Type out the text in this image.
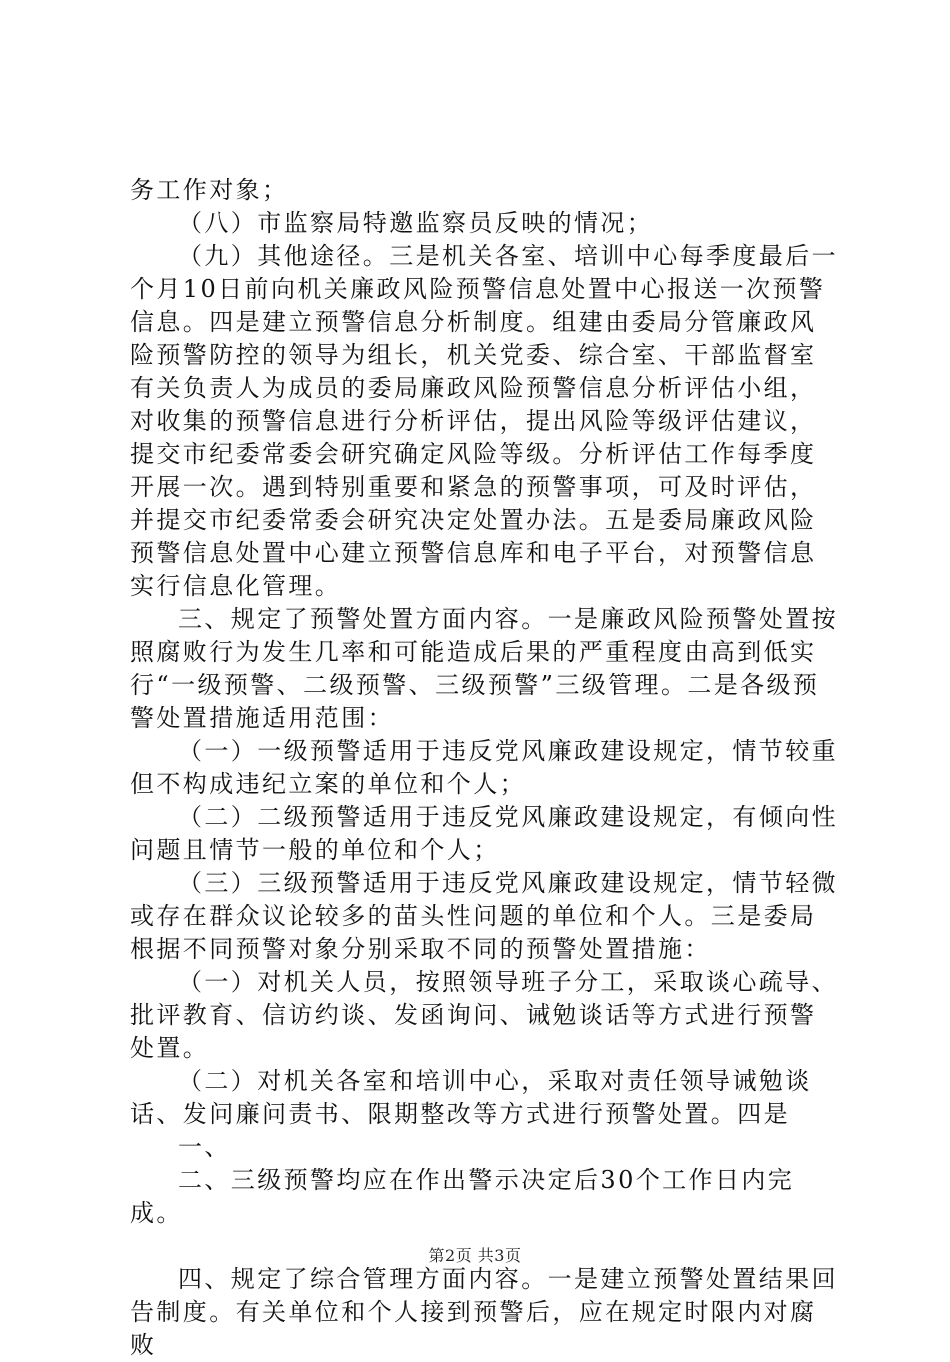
务工作对象；

（八）市监察局特邀监察员反映的情况；

（九）其他途径。三是机关各室、培训中心每季度最后一个月10日前向机关廉政风险预警信息处置中心报送一次预警信息。四是建立预警信息分析制度。组建由委局分管廉政风险预警防控的领导为组长，机关党委、综合室、干部监督室有关负责人为成员的委局廉政风险预警信息分析评估小组，对收集的预警信息进行分析评估，提出风险等级评估建议，提交市纪委常委会研究确定风险等级。分析评估工作每季度开展一次。遇到特别重要和紧急的预警事项，可及时评估，并提交市纪委常委会研究决定处置办法。五是委局廉政风险预警信息处置中心建立预警信息库和电子平台，对预警信息实行信息化管理。

三、规定了预警处置方面内容。一是廉政风险预警处置按照腐败行为发生几率和可能造成后果的严重程度由高到低实行“一级预警、二级预警、三级预警”三级管理。二是各级预警处置措施适用范围：

（一）一级预警适用于违反党风廉政建设规定，情节较重但不构成违纪立案的单位和个人；

（二）二级预警适用于违反党风廉政建设规定，有倾向性问题且情节一般的单位和个人；

（三）三级预警适用于违反党风廉政建设规定，情节轻微或存在群众议论较多的苗头性问题的单位和个人。三是委局根据不同预警对象分别采取不同的预警处置措施：

（一）对机关人员，按照领导班子分工，采取谈心疏导、批评教育、信访约谈、发函询问、诫勉谈话等方式进行预警处置。

（二）对机关各室和培训中心，采取对责任领导诫勉谈话、发问廉问责书、限期整改等方式进行预警处置。四是

一、

二、三级预警均应在作出警示决定后30个工作日内完成。

四、规定了综合管理方面内容。一是建立预警处置结果回告制度。有关单位和个人接到预警后，应在规定时限内对腐败

第2页 共3页
